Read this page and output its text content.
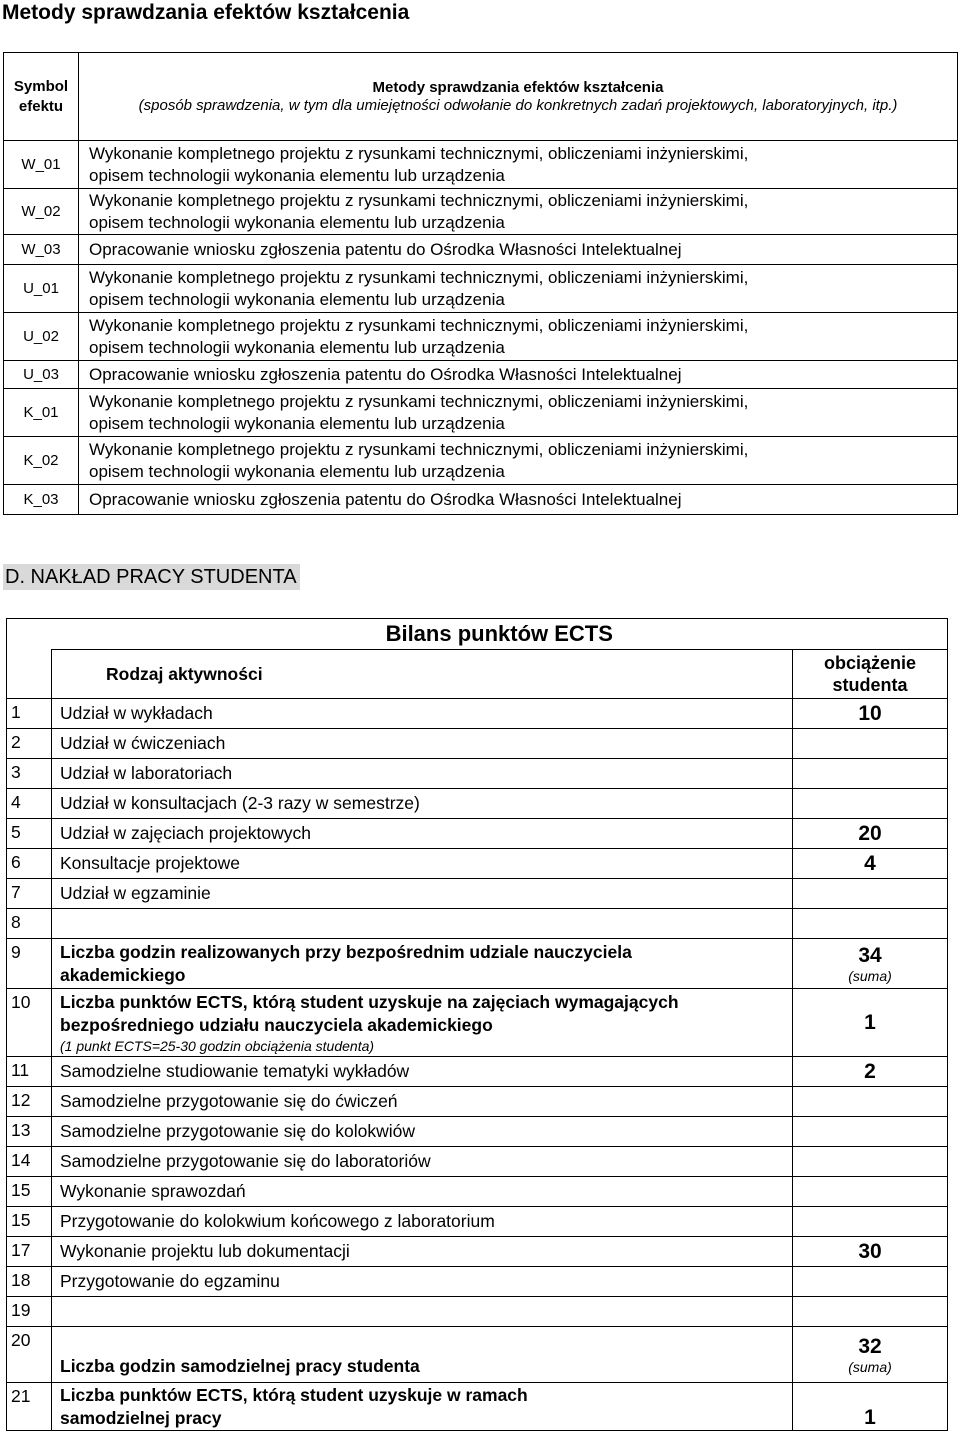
Metody sprawdzania efektów kształcenia
Symbol efektu	Metody sprawdzania efektów kształcenia
(sposób sprawdzenia, w tym dla umiejętności odwołanie do konkretnych zadań projektowych, laboratoryjnych, itp.)

W_01	Wykonanie kompletnego projektu z rysunkami technicznymi, obliczeniami inżynierskimi,
opisem technologii wykonania elementu lub urządzenia

W_02	Wykonanie kompletnego projektu z rysunkami technicznymi, obliczeniami inżynierskimi,
opisem technologii wykonania elementu lub urządzenia

W_03	Opracowanie wniosku zgłoszenia patentu do Ośrodka Własności Intelektualnej

U_01	Wykonanie kompletnego projektu z rysunkami technicznymi, obliczeniami inżynierskimi,
opisem technologii wykonania elementu lub urządzenia

U_02	Wykonanie kompletnego projektu z rysunkami technicznymi, obliczeniami inżynierskimi,
opisem technologii wykonania elementu lub urządzenia

U_03	Opracowanie wniosku zgłoszenia patentu do Ośrodka Własności Intelektualnej

K_01	Wykonanie kompletnego projektu z rysunkami technicznymi, obliczeniami inżynierskimi,
opisem technologii wykonania elementu lub urządzenia

K_02	Wykonanie kompletnego projektu z rysunkami technicznymi, obliczeniami inżynierskimi,
opisem technologii wykonania elementu lub urządzenia

K_03	Opracowanie wniosku zgłoszenia patentu do Ośrodka Własności Intelektualnej
D. NAKŁAD PRACY STUDENTA
	Bilans punktów ECTS	
	Rodzaj aktywności	obciążenie studenta
1	Udział w wykładach	10
2	Udział w ćwiczeniach	
3	Udział w laboratoriach	
4	Udział w konsultacjach (2-3 razy w semestrze)	
5	Udział w zajęciach projektowych	20
6	Konsultacje projektowe	4
7	Udział w egzaminie	
8		
9	Liczba godzin realizowanych przy bezpośrednim udziale nauczyciela akademickiego	34
(suma)

10	Liczba punktów ECTS, którą student uzyskuje na zajęciach wymagających bezpośredniego udziału nauczyciela akademickiego
(1 punkt ECTS=25-30 godzin obciążenia studenta)	1
11	Samodzielne studiowanie tematyki wykładów	2
12	Samodzielne przygotowanie się do ćwiczeń	
13	Samodzielne przygotowanie się do kolokwiów	
14	Samodzielne przygotowanie się do laboratoriów	
15	Wykonanie sprawozdań	
15	Przygotowanie do kolokwium końcowego z laboratorium	
17	Wykonanie projektu lub dokumentacji	30
18	Przygotowanie do egzaminu	
19		
20	Liczba godzin samodzielnej pracy studenta	32
(suma)

21	Liczba punktów ECTS, którą student uzyskuje w ramach samodzielnej pracy	1
